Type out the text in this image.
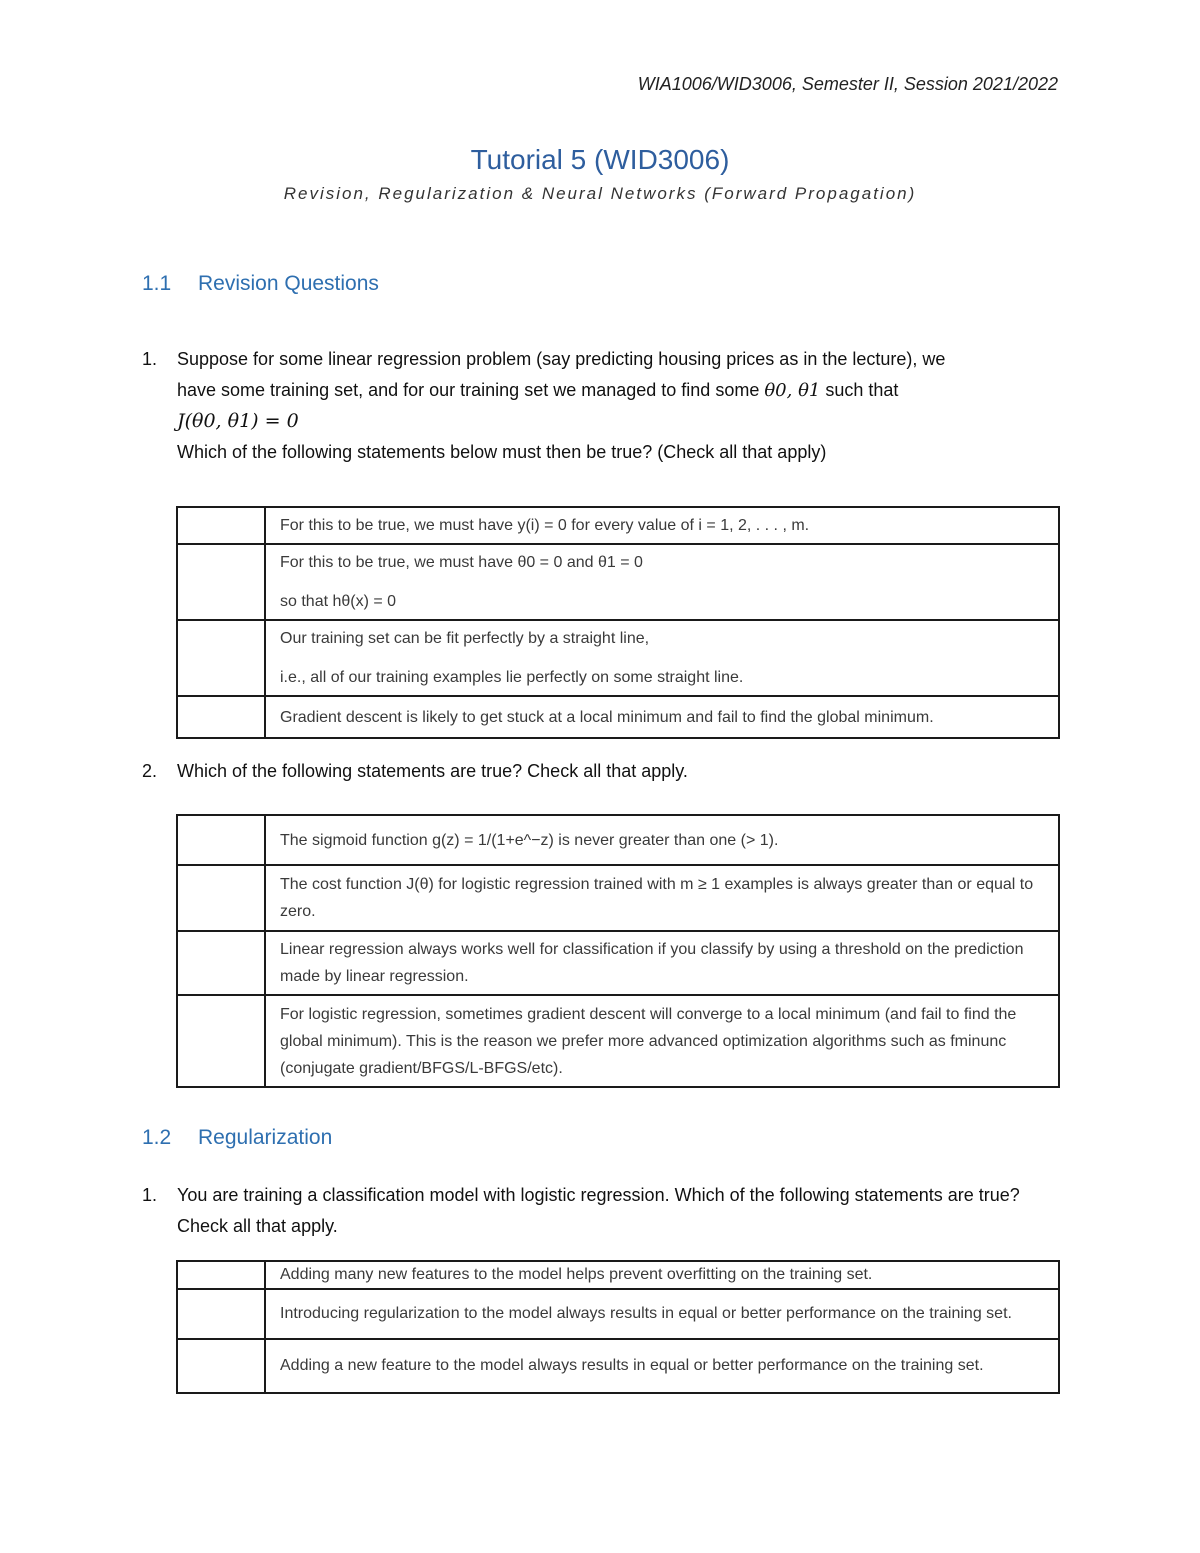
WIA1006/WID3006, Semester II, Session 2021/2022
Tutorial 5 (WID3006)
Revision, Regularization & Neural Networks (Forward Propagation)
1.1 Revision Questions
1. Suppose for some linear regression problem (say predicting housing prices as in the lecture), we
have some training set, and for our training set we managed to find some θ0, θ1 such that
J(θ0, θ1) = 0
Which of the following statements below must then be true? (Check all that apply)
	For this to be true, we must have y(i) = 0 for every value of i = 1, 2, . . . , m.
	For this to be true, we must have θ0 = 0 and θ1 = 0
so that hθ(x) = 0

	Our training set can be fit perfectly by a straight line,
i.e., all of our training examples lie perfectly on some straight line.

	Gradient descent is likely to get stuck at a local minimum and fail to find the global minimum.
2. Which of the following statements are true? Check all that apply.
	The sigmoid function g(z) = 1/(1+e^−z) is never greater than one (> 1).
	The cost function J(θ) for logistic regression trained with m ≥ 1 examples is always greater than or equal to zero.
	Linear regression always works well for classification if you classify by using a threshold on the prediction made by linear regression.
	For logistic regression, sometimes gradient descent will converge to a local minimum (and fail to find the global minimum). This is the reason we prefer more advanced optimization algorithms such as fminunc (conjugate gradient/BFGS/L-BFGS/etc).
1.2 Regularization
1. You are training a classification model with logistic regression. Which of the following statements are true? Check all that apply.
	Adding many new features to the model helps prevent overfitting on the training set.
	Introducing regularization to the model always results in equal or better performance on the training set.
	Adding a new feature to the model always results in equal or better performance on the training set.
